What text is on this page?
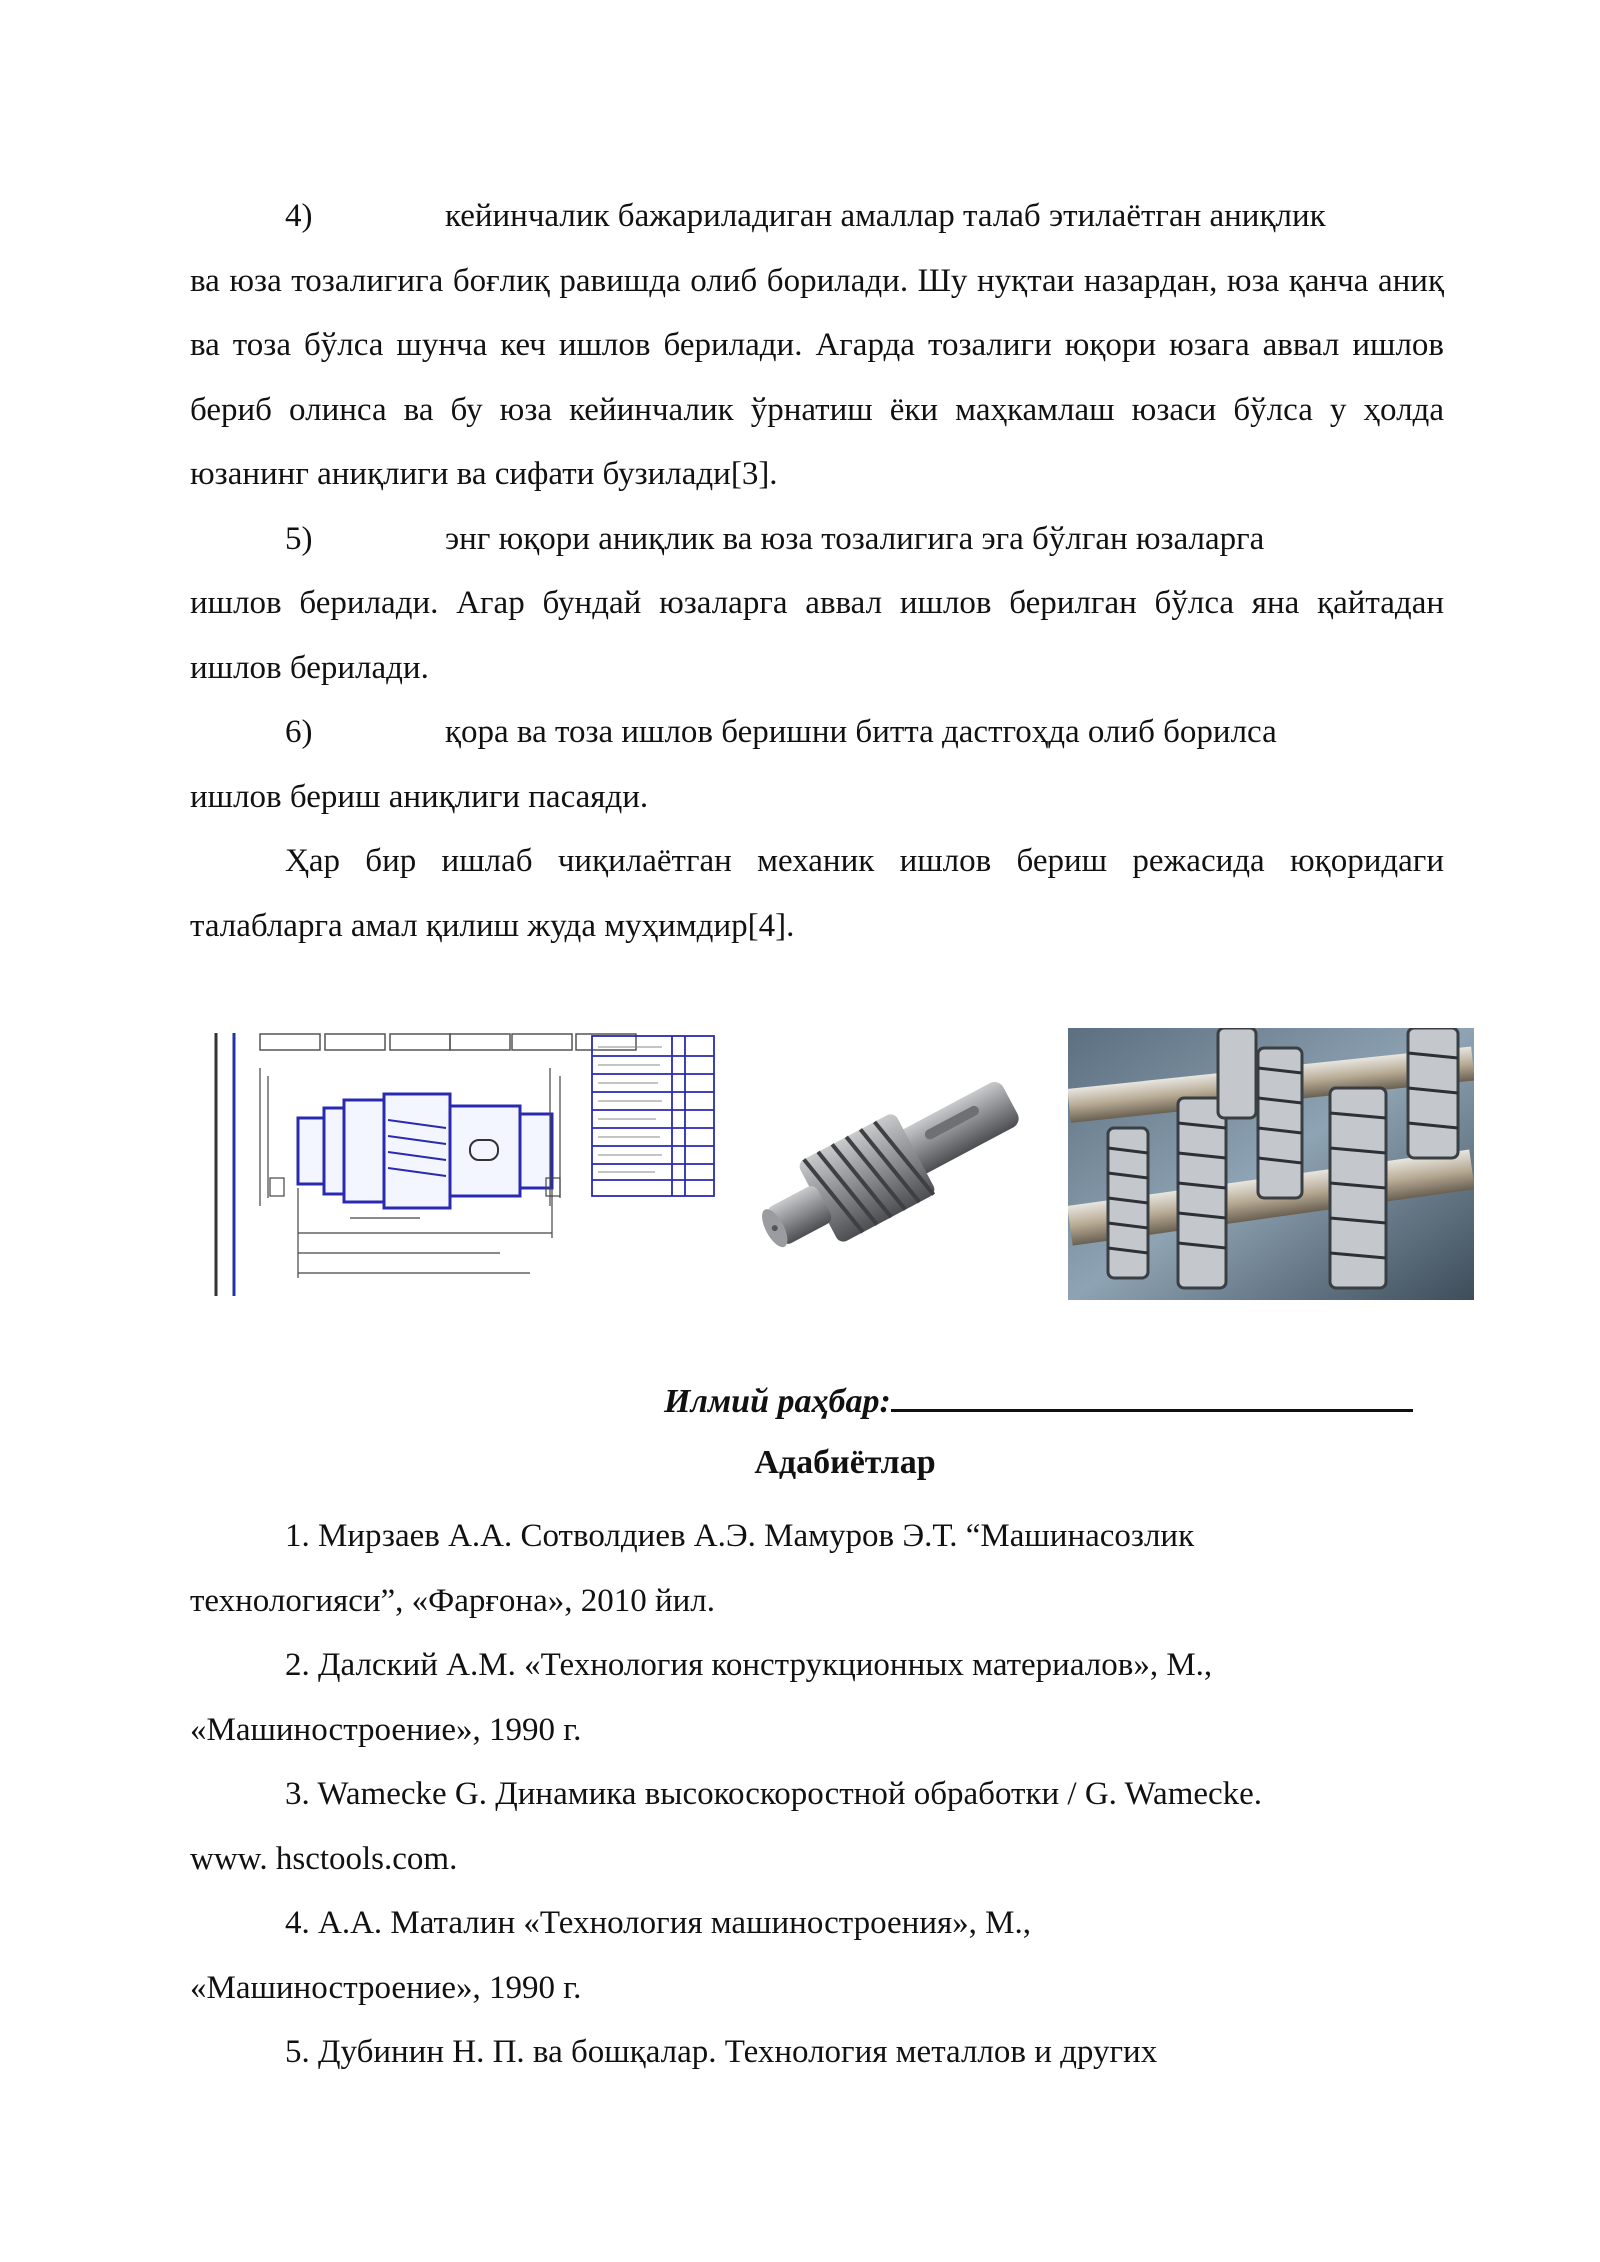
4)	кейинчалик бажариладиган амаллар талаб этилаётган аниқлик

ва юза тозалигига боғлиқ равишда олиб борилади. Шу нуқтаи назардан, юза қанча аниқ ва тоза бўлса шунча кеч ишлов берилади. Агарда тозалиги юқори юзага аввал ишлов бериб олинса ва бу юза кейинчалик ўрнатиш ёки маҳкамлаш юзаси бўлса у ҳолда юзанинг аниқлиги ва сифати бузилади[3].

5)	энг юқори аниқлик ва юза тозалигига эга бўлган юзаларга

ишлов берилади. Агар бундай юзаларга аввал ишлов берилган бўлса яна қайтадан ишлов берилади.

6)	қора ва тоза ишлов беришни битта дастгоҳда олиб борилса

ишлов бериш аниқлиги пасаяди.

Ҳар бир ишлаб чиқилаётган механик ишлов бериш режасида юқоридаги талабларга амал қилиш жуда муҳимдир[4].

Илмий раҳбар:
Адабиётлар

1. Мирзаев А.А. Сотволдиев А.Э. Мамуров Э.Т. “Машинасозлик

технологияси”, «Фарғона», 2010 йил.

2. Далский А.М. «Технология конструкционных материалов», М.,

«Машиностроение», 1990 г.

3. Wamecke G. Динамика высокоскоростной обработки / G. Wamecke.

www. hsctools.com.

4. А.А. Маталин «Технология машиностроения», М.,

«Машиностроение», 1990 г.

5. Дубинин Н. П. ва бошқалар. Технология металлов и других
